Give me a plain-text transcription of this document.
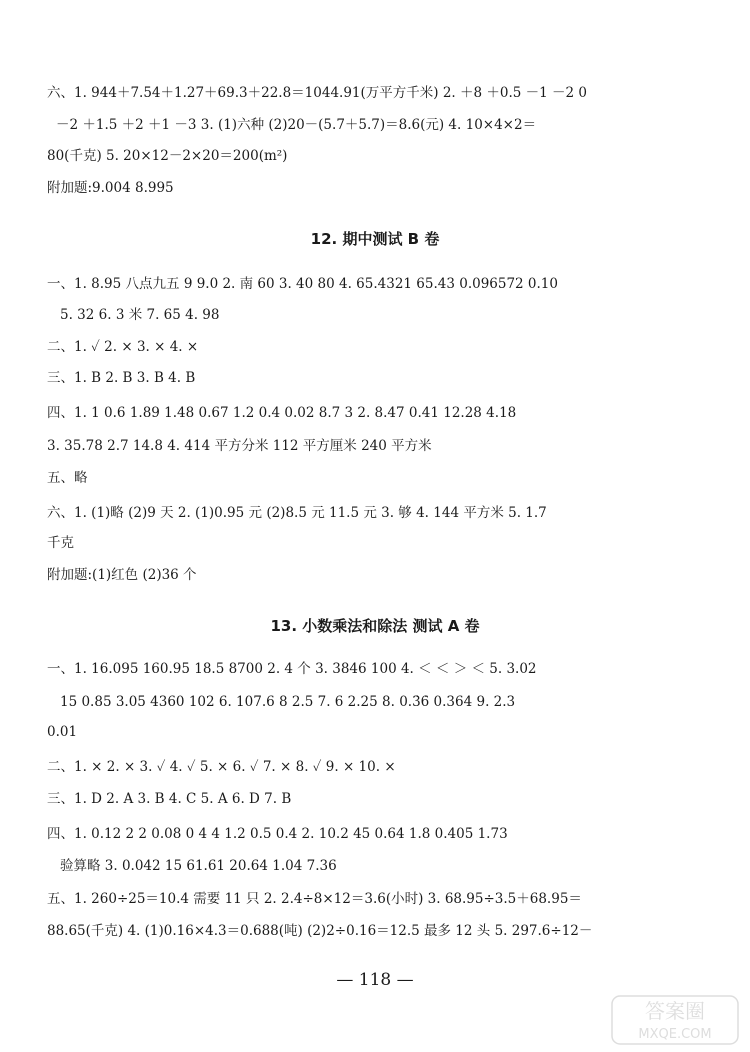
六、1. 944＋7.54＋1.27＋69.3＋22.8＝1044.91(万平方千米) 2. ＋8 ＋0.5 －1 －2 0
－2 ＋1.5 ＋2 ＋1 －3 3. (1)六种 (2)20－(5.7＋5.7)＝8.6(元) 4. 10×4×2＝
80(千克) 5. 20×12－2×20＝200(m²)
附加题:9.004 8.995
12. 期中测试 B 卷
一、1. 8.95 八点九五 9 9.0 2. 南 60 3. 40 80 4. 65.4321 65.43 0.096572 0.10
5. 32 6. 3 米 7. 65 4. 98
二、1. ✓ 2. × 3. × 4. ×
三、1. B 2. B 3. B 4. B
四、1. 1 0.6 1.89 1.48 0.67 1.2 0.4 0.02 8.7 3 2. 8.47 0.41 12.28 4.18
3. 35.78 2.7 14.8 4. 414 平方分米 112 平方厘米 240 平方米
五、略
六、1. (1)略 (2)9 天 2. (1)0.95 元 (2)8.5 元 11.5 元 3. 够 4. 144 平方米 5. 1.7
千克
附加题:(1)红色 (2)36 个
13. 小数乘法和除法 测试 A 卷
一、1. 16.095 160.95 18.5 8700 2. 4 个 3. 3846 100 4. ＜ ＜ ＞ ＜ 5. 3.02
15 0.85 3.05 4360 102 6. 107.6 8 2.5 7. 6 2.25 8. 0.3̇6̇ 0.364 9. 2.3
0.01
二、1. × 2. × 3. ✓ 4. ✓ 5. × 6. ✓ 7. × 8. ✓ 9. × 10. ×
三、1. D 2. A 3. B 4. C 5. A 6. D 7. B
四、1. 0.12 2 2 0.08 0 4 4 1.2 0.5 0.4 2. 10.2 45 0.64 1.8 0.4̇05̇ 1.73
验算略 3. 0.042 15 61.61 20.64 1.04 7.36
五、1. 260÷25＝10.4 需要 11 只 2. 2.4÷8×12＝3.6(小时) 3. 68.95÷3.5＋68.95＝
88.65(千克) 4. (1)0.16×4.3＝0.688(吨) (2)2÷0.16＝12.5 最多 12 头 5. 297.6÷12－
— 118 —
答案圈
MXQE.COM
